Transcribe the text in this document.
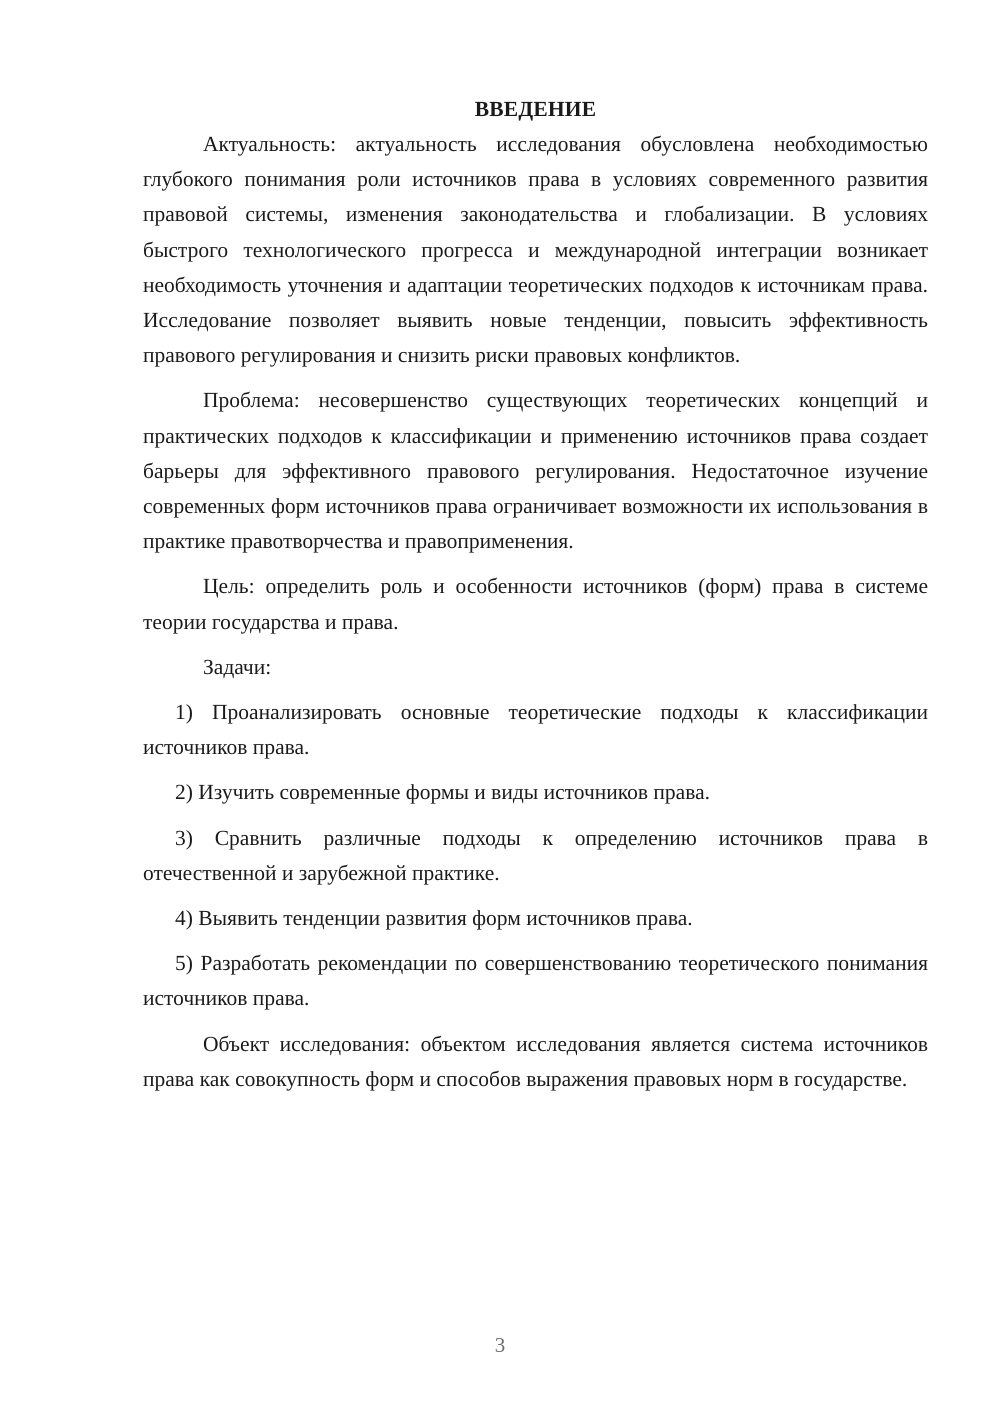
ВВЕДЕНИЕ

Актуальность: актуальность исследования обусловлена необходимостью глубокого понимания роли источников права в условиях современного развития правовой системы, изменения законодательства и глобализации. В условиях быстрого технологического прогресса и международной интеграции возникает необходимость уточнения и адаптации теоретических подходов к источникам права. Исследование позволяет выявить новые тенденции, повысить эффективность правового регулирования и снизить риски правовых конфликтов.

Проблема: несовершенство существующих теоретических концепций и практических подходов к классификации и применению источников права создает барьеры для эффективного правового регулирования. Недостаточное изучение современных форм источников права ограничивает возможности их использования в практике правотворчества и правоприменения.

Цель: определить роль и особенности источников (форм) права в системе теории государства и права.

Задачи:

1) Проанализировать основные теоретические подходы к классификации источников права.

2) Изучить современные формы и виды источников права.

3) Сравнить различные подходы к определению источников права в отечественной и зарубежной практике.

4) Выявить тенденции развития форм источников права.

5) Разработать рекомендации по совершенствованию теоретического понимания источников права.

Объект исследования: объектом исследования является система источников права как совокупность форм и способов выражения правовых норм в государстве.

3
